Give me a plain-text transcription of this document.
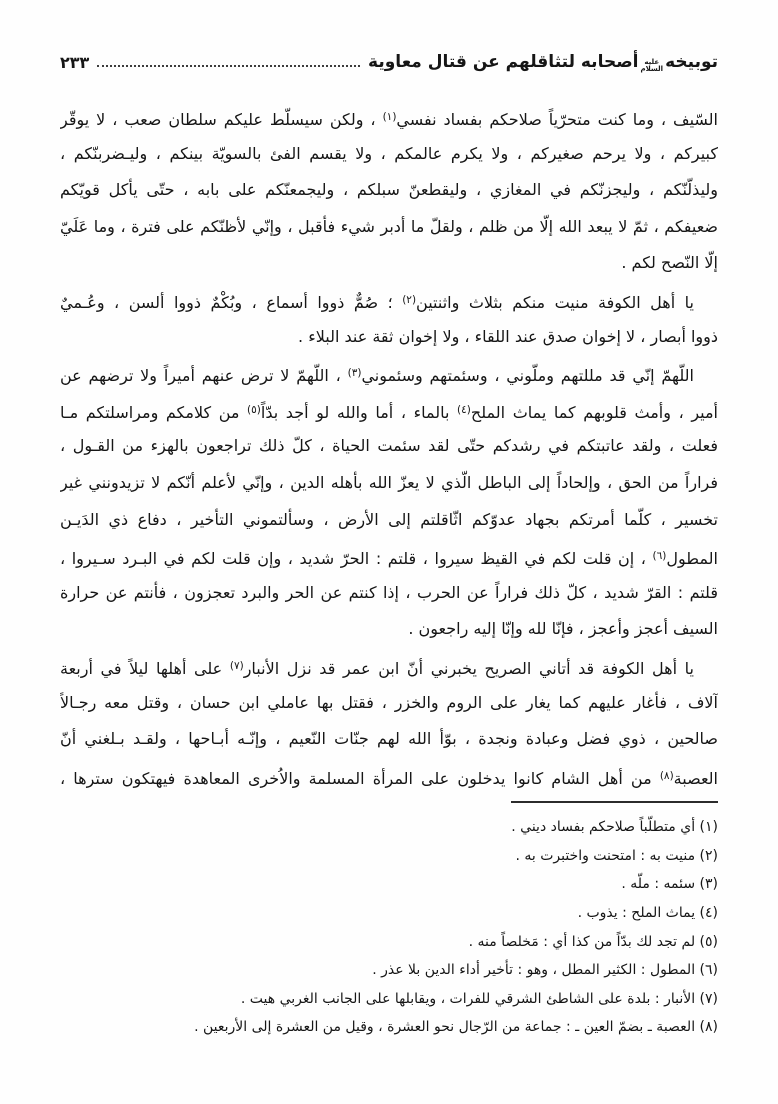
توبيخه
عليه
السلام
أصحابه لتثاقلهم عن قتال معاوية
٢٣٣
السّيف ، وما كنت متحرّياً صلاحكم بفساد نفسي$^{(١)}$ ، ولكن سيسلّط عليكم سلطان صعب ، لا يوقّر
كبيركم ، ولا يرحم صغيركم ، ولا يكرم عالمكم ، ولا يقسم الفئ بالسويّة بينكم ، وليـضربنّكم ،
وليذلّنّكم ، وليجزنّكم في المغازي ، وليقطعنّ سبلكم ، وليجمعنّكم على بابه ، حتّى يأكل قويّكم
ضعيفكم ، ثمّ لا يبعد الله إلّا من ظلم ، ولقلّ ما أدبر شيء فأقبل ، وإنّي لأظنّكم على فترة ، وما عَلَيّ
إلّا النّصح لكم .
يا أهل الكوفة منيت منكم بثلاث واثنتين$^{(٢)}$ ؛ صُمٌّ ذووا أسماع ، وبُكْمٌ ذووا ألسن ، وعُـميٌ
ذووا أبصار ، لا إخوان صدق عند اللقاء ، ولا إخوان ثقة عند البلاء .
اللّهمّ إنّي قد مللتهم وملّوني ، وسئمتهم وسئموني$^{(٣)}$ ، اللّهمّ لا ترض عنهم أميراً ولا ترضهم عن
أمير ، وأمث قلوبهم كما يماث الملح$^{(٤)}$ بالماء ، أما والله لو أجد بدّاً$^{(٥)}$ من كلامكم ومراسلتكم مـا
فعلت ، ولقد عاتبتكم في رشدكم حتّى لقد سئمت الحياة ، كلّ ذلك تراجعون بالهزء من القـول ،
فراراً من الحق ، وإلحاداً إلى الباطل الّذي لا يعزّ الله بأهله الدين ، وإنّي لأعلم أنّكم لا تزيدونني غير
تخسير ، كلّما أمرتكم بجهاد عدوّكم اثّاقلتم إلى الأرض ، وسألتموني التأخير ، دفاع ذي الدَيـن
المطول$^{(٦)}$ ، إن قلت لكم في القيظ سيروا ، قلتم : الحرّ شديد ، وإن قلت لكم في البـرد سـيروا ،
قلتم : القرّ شديد ، كلّ ذلك فراراً عن الحرب ، إذا كنتم عن الحر والبرد تعجزون ، فأنتم عن حرارة
السيف أعجز وأعجز ، فإنّا لله وإنّا إليه راجعون .
يا أهل الكوفة قد أتاني الصريح يخبرني أنّ ابن عمر قد نزل الأنبار$^{(٧)}$ على أهلها ليلاً في أربعة
آلاف ، فأغار عليهم كما يغار على الروم والخزر ، فقتل بها عاملي ابن حسان ، وقتل معه رجـالاً
صالحين ، ذوي فضل وعبادة ونجدة ، بوّأ الله لهم جنّات النّعيم ، وإنّـه أبـاحها ، ولقـد بـلغني أنّ
العصبة$^{(٨)}$ من أهل الشام كانوا يدخلون على المرأة المسلمة والاُخرى المعاهدة فيهتكون سترها ،
(١) أي متطلّباً صلاحكم بفساد ديني .
(٢) منيت به : امتحنت واختبرت به .
(٣) سئمه : ملّه .
(٤) يماث الملح : يذوب .
(٥) لم تجد لك بدّاً من كذا أي : مَخلصاً منه .
(٦) المطول : الكثير المطل ، وهو : تأخير أداء الدين بلا عذر .
(٧) الأنبار : بلدة على الشاطئ الشرقي للفرات ، ويقابلها على الجانب الغربي هيت .
(٨) العصبة ـ بضمّ العين ـ : جماعة من الرّجال نحو العشرة ، وقيل من العشرة إلى الأربعين .
